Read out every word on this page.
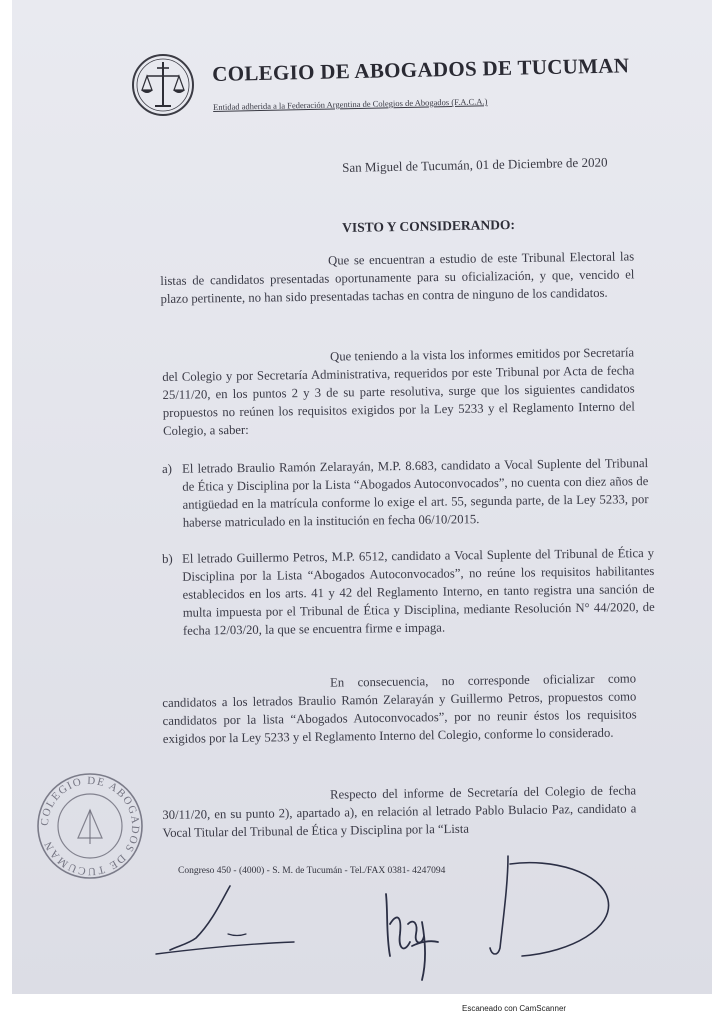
COLEGIO DE ABOGADOS DE TUCUMAN
Entidad adherida a la Federación Argentina de Colegios de Abogados (F.A.C.A.)
San Miguel de Tucumán, 01 de Diciembre de 2020
VISTO Y CONSIDERANDO:
Que se encuentran a estudio de este Tribunal Electoral las listas de candidatos presentadas oportunamente para su oficialización, y que, vencido el plazo pertinente, no han sido presentadas tachas en contra de ninguno de los candidatos.
Que teniendo a la vista los informes emitidos por Secretaría del Colegio y por Secretaría Administrativa, requeridos por este Tribunal por Acta de fecha 25/11/20, en los puntos 2 y 3 de su parte resolutiva, surge que los siguientes candidatos propuestos no reúnen los requisitos exigidos por la Ley 5233 y el Reglamento Interno del Colegio, a saber:
a) El letrado Braulio Ramón Zelarayán, M.P. 8.683, candidato a Vocal Suplente del Tribunal de Ética y Disciplina por la Lista “Abogados Autoconvocados”, no cuenta con diez años de antigüedad en la matrícula conforme lo exige el art. 55, segunda parte, de la Ley 5233, por haberse matriculado en la institución en fecha 06/10/2015.
b) El letrado Guillermo Petros, M.P. 6512, candidato a Vocal Suplente del Tribunal de Ética y Disciplina por la Lista “Abogados Autoconvocados”, no reúne los requisitos habilitantes establecidos en los arts. 41 y 42 del Reglamento Interno, en tanto registra una sanción de multa impuesta por el Tribunal de Ética y Disciplina, mediante Resolución N° 44/2020, de fecha 12/03/20, la que se encuentra firme e impaga.
En consecuencia, no corresponde oficializar como candidatos a los letrados Braulio Ramón Zelarayán y Guillermo Petros, propuestos como candidatos por la lista “Abogados Autoconvocados”, por no reunir éstos los requisitos exigidos por la Ley 5233 y el Reglamento Interno del Colegio, conforme lo considerado.
Respecto del informe de Secretaría del Colegio de fecha 30/11/20, en su punto 2), apartado a), en relación al letrado Pablo Bulacio Paz, candidato a Vocal Titular del Tribunal de Ética y Disciplina por la “Lista
COLEGIO DE ABOGADOS DE TUCUMAN
Congreso 450 - (4000) - S. M. de Tucumán - Tel./FAX 0381- 4247094
Escaneado con CamScanner
